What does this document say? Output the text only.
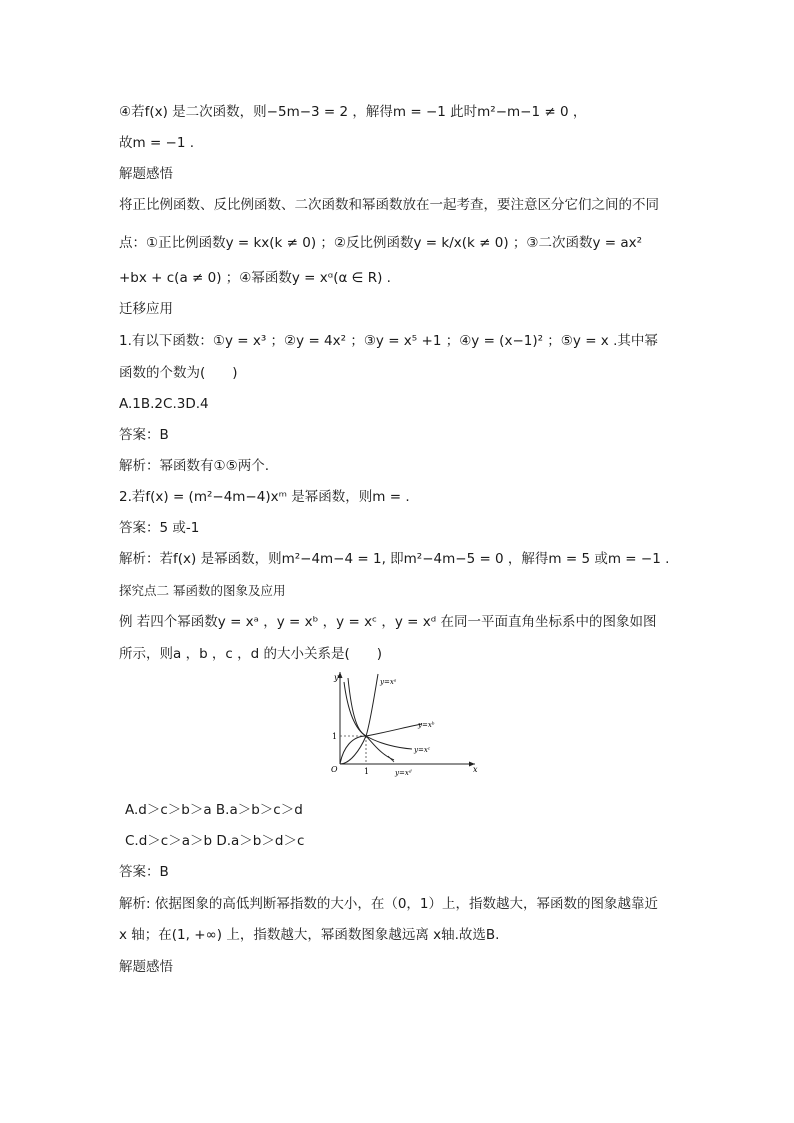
④若f(x) 是二次函数，则−5m−3 = 2 ，解得m = −1 此时m²−m−1 ≠ 0 ，
故m = −1 .
解题感悟
将正比例函数、反比例函数、二次函数和幂函数放在一起考查，要注意区分它们之间的不同
点：①正比例函数y = kx(k ≠ 0) ；②反比例函数y = k/x(k ≠ 0) ；③二次函数y = ax²
+bx + c(a ≠ 0) ；④幂函数y = xᵅ(α ∈ R) .
迁移应用
1.有以下函数：①y = x³ ；②y = 4x² ；③y = x⁵ +1 ；④y = (x−1)² ；⑤y = x .其中幂
函数的个数为(　　)
A.1B.2C.3D.4
答案：B
解析：幂函数有①⑤两个.
2.若f(x) = (m²−4m−4)xᵐ 是幂函数，则m = .
答案：5 或-1
解析：若f(x) 是幂函数，则m²−4m−4 = 1, 即m²−4m−5 = 0 ，解得m = 5 或m = −1 .
探究点二 幂函数的图象及应用
例 若四个幂函数y = xᵃ ，y = xᵇ ，y = xᶜ ，y = xᵈ 在同一平面直角坐标系中的图象如图
所示，则a ，b ，c ，d 的大小关系是(　　)
y
x
O	1
1
y=xᵃ
y=xᵇ
y=xᶜ
y=xᵈ
A.d＞c＞b＞a B.a＞b＞c＞d
C.d＞c＞a＞b D.a＞b＞d＞c
答案：B
解析: 依据图象的高低判断幂指数的大小，在（0，1）上，指数越大，幂函数的图象越靠近
x 轴；在(1, +∞) 上，指数越大，幂函数图象越远离 x轴.故选B.
解题感悟
